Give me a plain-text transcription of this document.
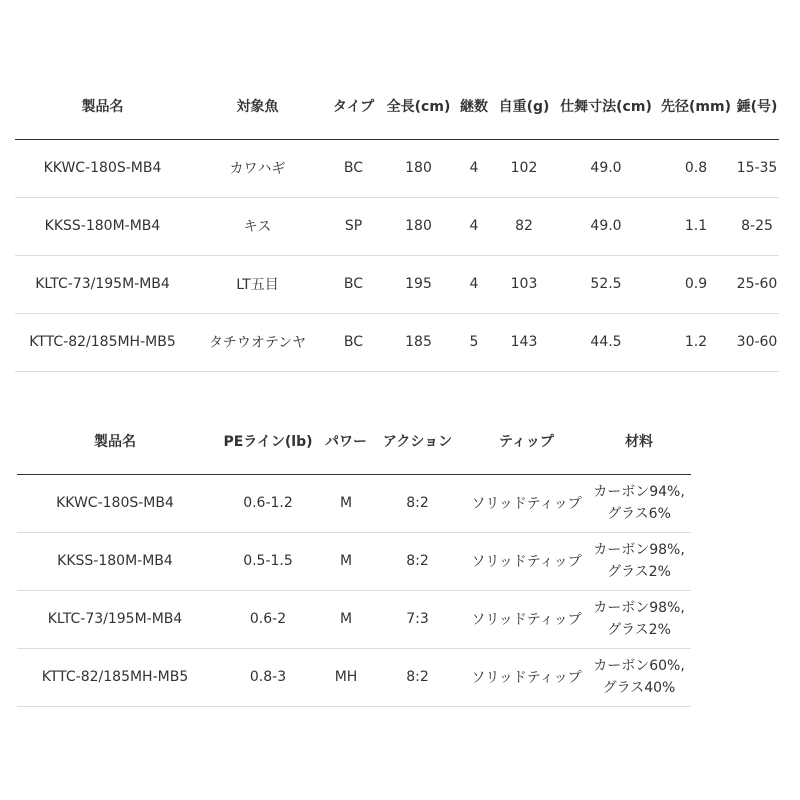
製品名	対象魚	タイプ	全長(cm)	継数	自重(g)	仕舞寸法(cm)	先径(mm)	錘(号)
KKWC-180S-MB4	カワハギ	BC	180	4	102	49.0	0.8	15-35
KKSS-180M-MB4	キス	SP	180	4	82	49.0	1.1	8-25
KLTC-73/195M-MB4	LT五目	BC	195	4	103	52.5	0.9	25-60
KTTC-82/185MH-MB5	タチウオテンヤ	BC	185	5	143	44.5	1.2	30-60
製品名	PEライン(lb)	パワー	アクション	ティップ	材料
KKWC-180S-MB4	0.6-1.2	M	8:2	ソリッドティップ	カーボン94%,
グラス6%

KKSS-180M-MB4	0.5-1.5	M	8:2	ソリッドティップ	カーボン98%,
グラス2%

KLTC-73/195M-MB4	0.6-2	M	7:3	ソリッドティップ	カーボン98%,
グラス2%

KTTC-82/185MH-MB5	0.8-3	MH	8:2	ソリッドティップ	カーボン60%,
グラス40%
